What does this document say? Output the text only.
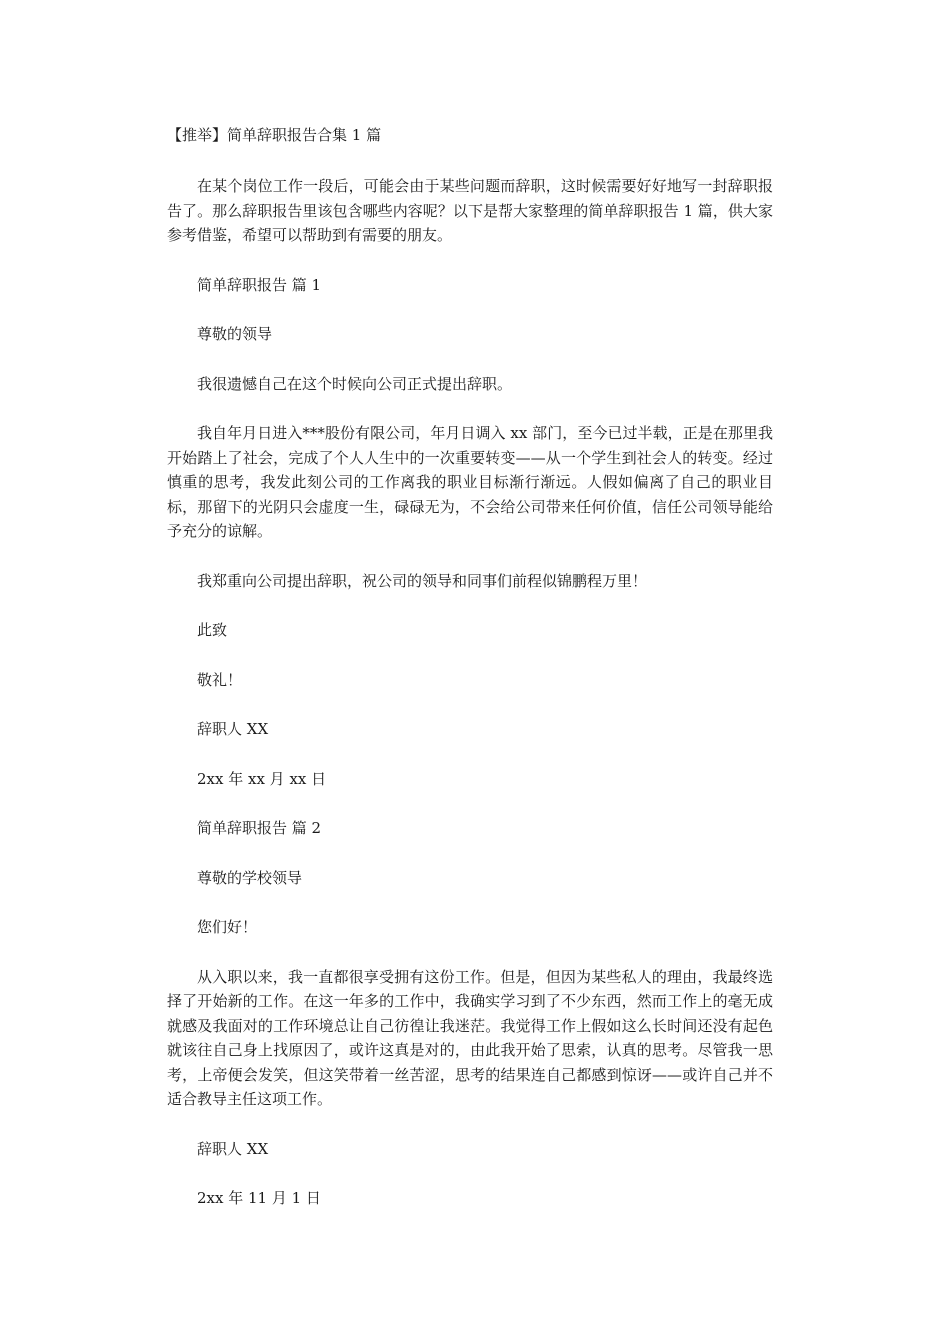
【推举】简单辞职报告合集 1 篇

在某个岗位工作一段后，可能会由于某些问题而辞职，这时候需要好好地写一封辞职报告了。那么辞职报告里该包含哪些内容呢？以下是帮大家整理的简单辞职报告 1 篇，供大家参考借鉴，希望可以帮助到有需要的朋友。

简单辞职报告 篇 1

尊敬的领导

我很遗憾自己在这个时候向公司正式提出辞职。

我自年月日进入***股份有限公司，年月日调入 xx 部门，至今已过半载，正是在那里我开始踏上了社会，完成了个人人生中的一次重要转变——从一个学生到社会人的转变。经过慎重的思考，我发此刻公司的工作离我的职业目标渐行渐远。人假如偏离了自己的职业目标，那留下的光阴只会虚度一生，碌碌无为，不会给公司带来任何价值，信任公司领导能给予充分的谅解。

我郑重向公司提出辞职，祝公司的领导和同事们前程似锦鹏程万里！

此致

敬礼！

辞职人 XX

2xx 年 xx 月 xx 日

简单辞职报告 篇 2

尊敬的学校领导

您们好！

从入职以来，我一直都很享受拥有这份工作。但是，但因为某些私人的理由，我最终选择了开始新的工作。在这一年多的工作中，我确实学习到了不少东西，然而工作上的毫无成就感及我面对的工作环境总让自己彷徨让我迷茫。我觉得工作上假如这么长时间还没有起色就该往自己身上找原因了，或许这真是对的，由此我开始了思索，认真的思考。尽管我一思考，上帝便会发笑，但这笑带着一丝苦涩，思考的结果连自己都感到惊讶——或许自己并不适合教导主任这项工作。

辞职人 XX

2xx 年 11 月 1 日
